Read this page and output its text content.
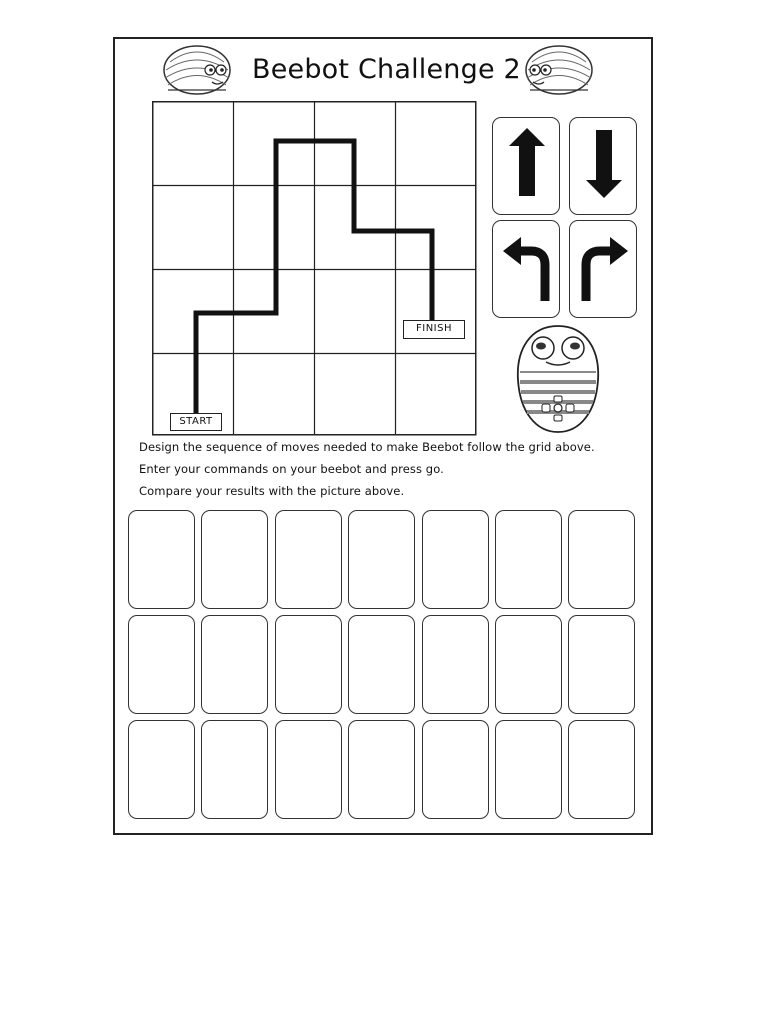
Beebot Challenge 2
START
FINISH
Design the sequence of moves needed to make Beebot follow the grid above.
Enter your commands on your beebot and press go.
Compare your results with the picture above.
